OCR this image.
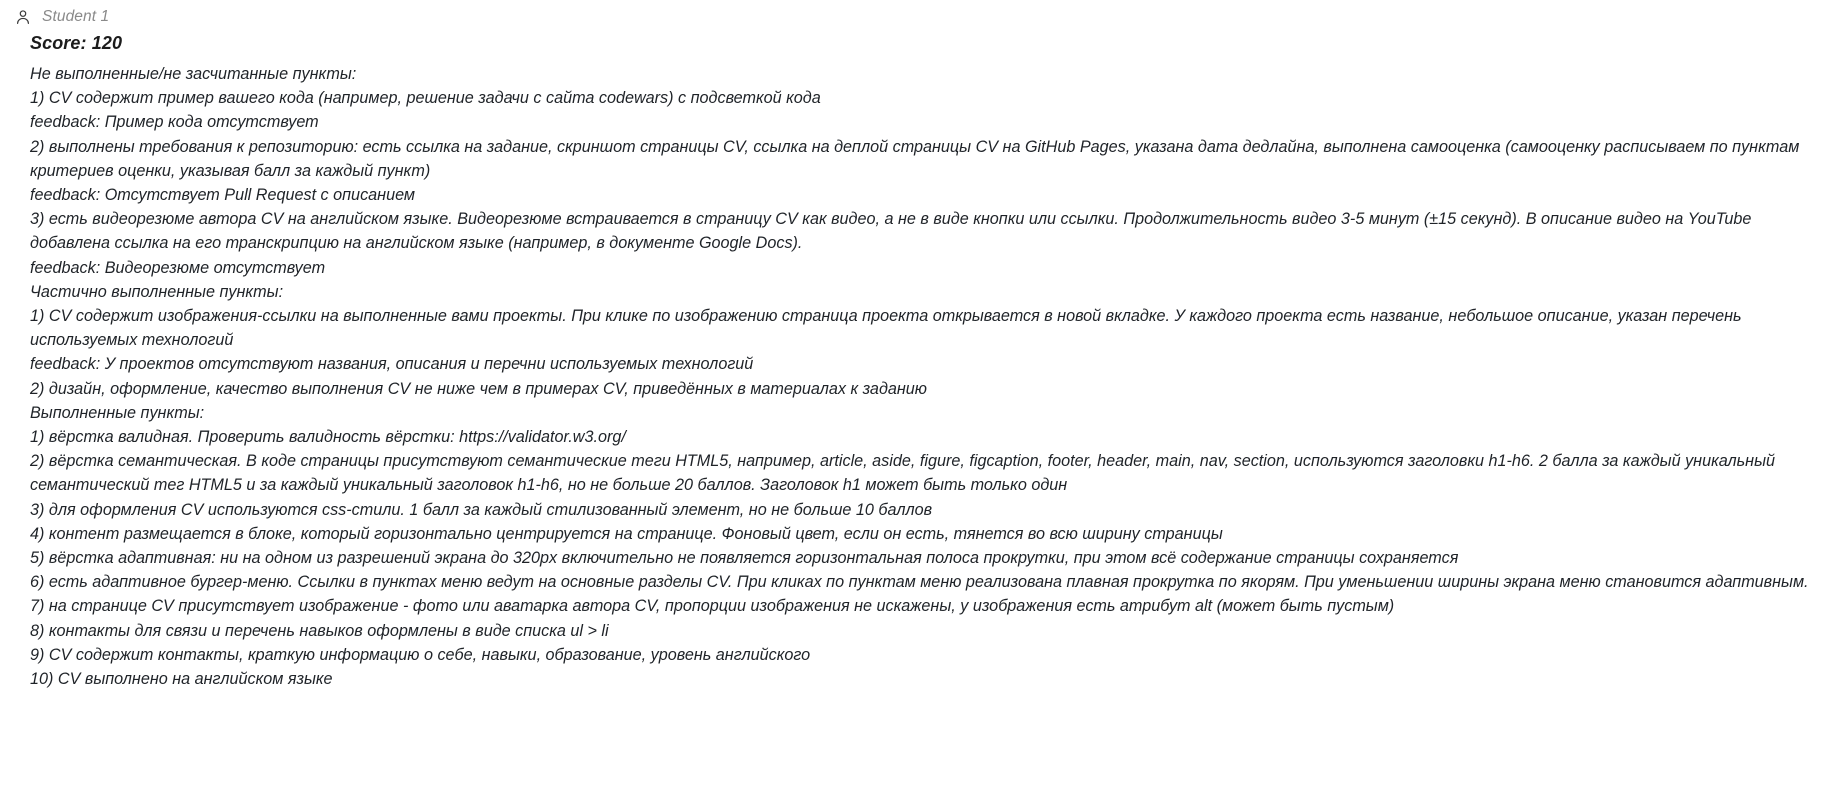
Student 1
Score: 120

Не выполненные/не засчитанные пункты:

1) CV содержит пример вашего кода (например, решение задачи с сайта codewars) с подсветкой кода

feedback: Пример кода отсутствует

2) выполнены требования к репозиторию: есть ссылка на задание, скриншот страницы CV, ссылка на деплой страницы CV на GitHub Pages, указана дата дедлайна, выполнена самооценка (самооценку расписываем по пунктам критериев оценки, указывая балл за каждый пункт)

feedback: Отсутствует Pull Request с описанием

3) есть видеорезюме автора CV на английском языке. Видеорезюме встраивается в страницу CV как видео, а не в виде кнопки или ссылки. Продолжительность видео 3-5 минут (±15 секунд). В описание видео на YouTube добавлена ссылка на его транскрипцию на английском языке (например, в документе Google Docs).

feedback: Видеорезюме отсутствует

Частично выполненные пункты:

1) CV содержит изображения-ссылки на выполненные вами проекты. При клике по изображению страница проекта открывается в новой вкладке. У каждого проекта есть название, небольшое описание, указан перечень используемых технологий

feedback: У проектов отсутствуют названия, описания и перечни используемых технологий

2) дизайн, оформление, качество выполнения CV не ниже чем в примерах CV, приведённых в материалах к заданию

Выполненные пункты:

1) вёрстка валидная. Проверить валидность вёрстки: https://validator.w3.org/

2) вёрстка семантическая. В коде страницы присутствуют семантические теги HTML5, например, article, aside, figure, figcaption, footer, header, main, nav, section, используются заголовки h1-h6. 2 балла за каждый уникальный семантический тег HTML5 и за каждый уникальный заголовок h1-h6, но не больше 20 баллов. Заголовок h1 может быть только один

3) для оформления CV используются css-стили. 1 балл за каждый стилизованный элемент, но не больше 10 баллов

4) контент размещается в блоке, который горизонтально центрируется на странице. Фоновый цвет, если он есть, тянется во всю ширину страницы

5) вёрстка адаптивная: ни на одном из разрешений экрана до 320px включительно не появляется горизонтальная полоса прокрутки, при этом всё содержание страницы сохраняется

6) есть адаптивное бургер-меню. Ссылки в пунктах меню ведут на основные разделы CV. При кликах по пунктам меню реализована плавная прокрутка по якорям. При уменьшении ширины экрана меню становится адаптивным.

7) на странице CV присутствует изображение - фото или аватарка автора CV, пропорции изображения не искажены, у изображения есть атрибут alt (может быть пустым)

8) контакты для связи и перечень навыков оформлены в виде списка ul > li

9) CV содержит контакты, краткую информацию о себе, навыки, образование, уровень английского

10) CV выполнено на английском языке
